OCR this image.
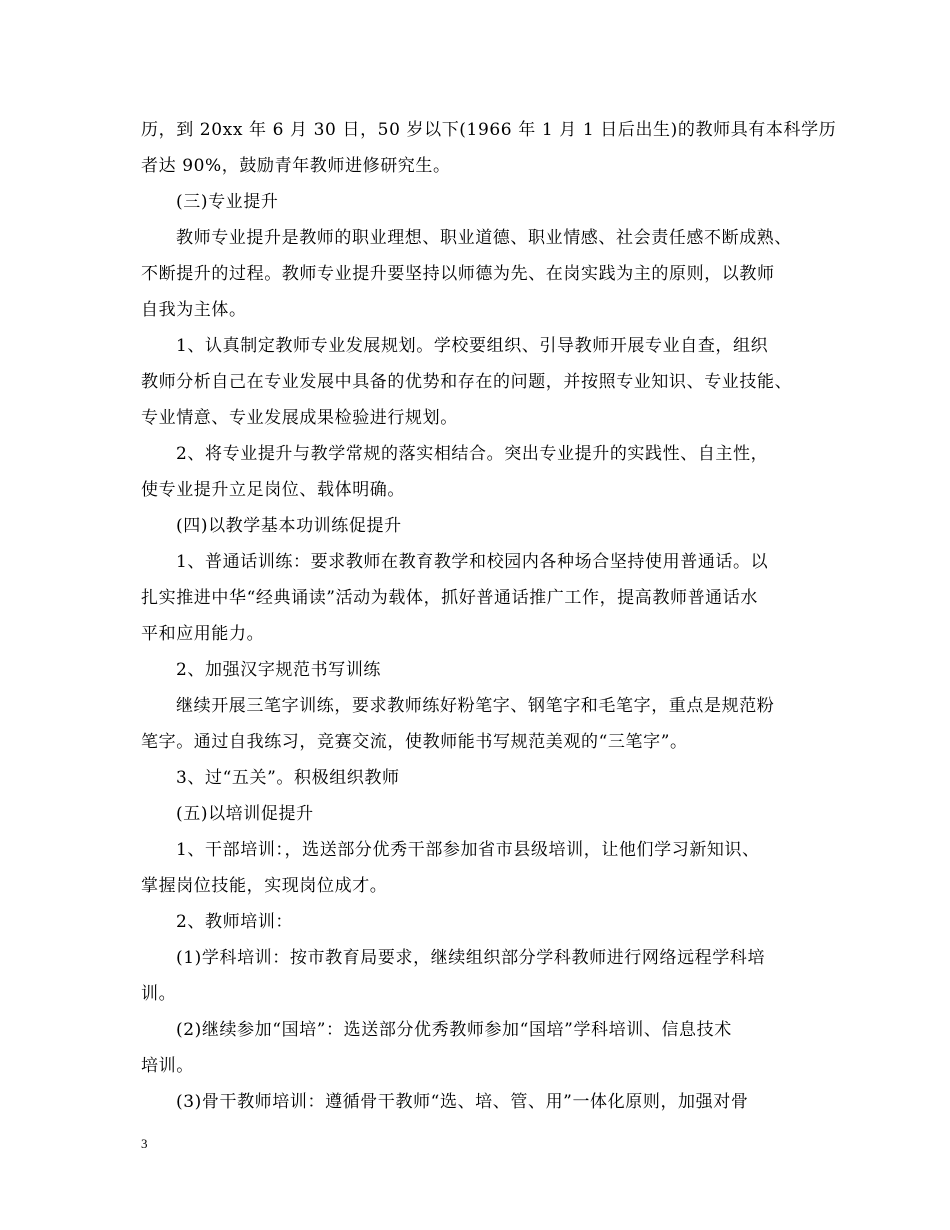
历，到 20xx 年 6 月 30 日，50 岁以下(1966 年 1 月 1 日后出生)的教师具有本科学历
者达 90%，鼓励青年教师进修研究生。
(三)专业提升
教师专业提升是教师的职业理想、职业道德、职业情感、社会责任感不断成熟、
不断提升的过程。教师专业提升要坚持以师德为先、在岗实践为主的原则，以教师
自我为主体。
1、认真制定教师专业发展规划。学校要组织、引导教师开展专业自查，组织
教师分析自己在专业发展中具备的优势和存在的问题，并按照专业知识、专业技能、
专业情意、专业发展成果检验进行规划。
2、将专业提升与教学常规的落实相结合。突出专业提升的实践性、自主性，
使专业提升立足岗位、载体明确。
(四)以教学基本功训练促提升
1、普通话训练：要求教师在教育教学和校园内各种场合坚持使用普通话。以
扎实推进中华“经典诵读”活动为载体，抓好普通话推广工作，提高教师普通话水
平和应用能力。
2、加强汉字规范书写训练
继续开展三笔字训练，要求教师练好粉笔字、钢笔字和毛笔字，重点是规范粉
笔字。通过自我练习，竞赛交流，使教师能书写规范美观的“三笔字”。
3、过“五关”。积极组织教师
(五)以培训促提升
1、干部培训：，选送部分优秀干部参加省市县级培训，让他们学习新知识、
掌握岗位技能，实现岗位成才。
2、教师培训：
(1)学科培训：按市教育局要求，继续组织部分学科教师进行网络远程学科培
训。
(2)继续参加“国培”：选送部分优秀教师参加“国培”学科培训、信息技术
培训。
(3)骨干教师培训：遵循骨干教师“选、培、管、用”一体化原则，加强对骨
3
